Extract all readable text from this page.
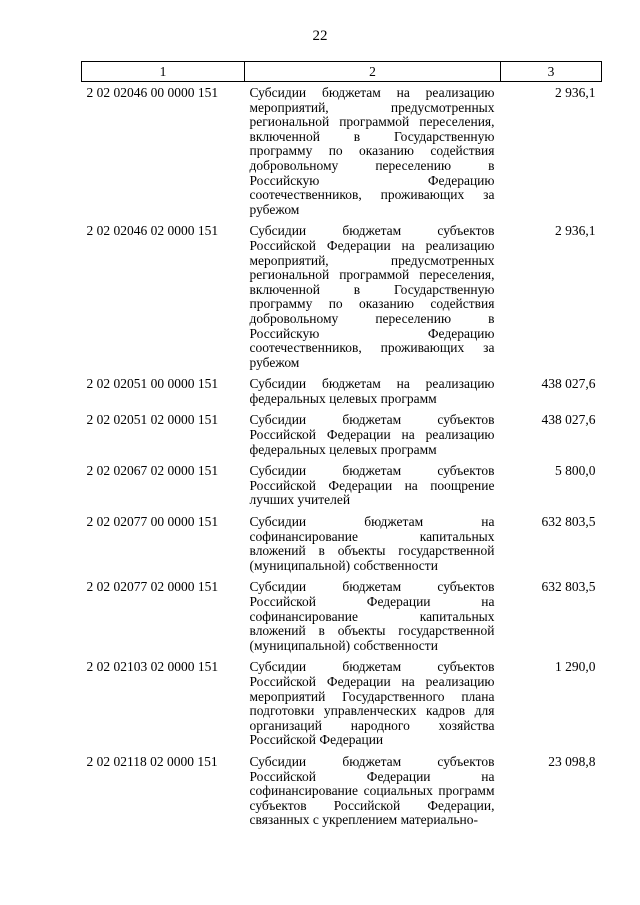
22
1	2	3
2 02 02046 00 0000 151	Субсидии бюджетам на реализацию мероприятий, предусмотренных региональной программой переселения, включенной в Государственную программу по оказанию содействия добровольному переселению в Российскую Федерацию соотечественников, проживающих за рубежом	2 936,1
2 02 02046 02 0000 151	Субсидии бюджетам субъектов Российской Федерации на реализацию мероприятий, предусмотренных региональной программой переселения, включенной в Государственную программу по оказанию содействия добровольному переселению в Российскую Федерацию соотечественников, проживающих за рубежом	2 936,1
2 02 02051 00 0000 151	Субсидии бюджетам на реализацию федеральных целевых программ	438 027,6
2 02 02051 02 0000 151	Субсидии бюджетам субъектов Российской Федерации на реализацию федеральных целевых программ	438 027,6
2 02 02067 02 0000 151	Субсидии бюджетам субъектов Российской Федерации на поощрение лучших учителей	5 800,0
2 02 02077 00 0000 151	Субсидии бюджетам на софинансирование капитальных вложений в объекты государственной (муниципальной) собственности	632 803,5
2 02 02077 02 0000 151	Субсидии бюджетам субъектов Российской Федерации на софинансирование капитальных вложений в объекты государственной (муниципальной) собственности	632 803,5
2 02 02103 02 0000 151	Субсидии бюджетам субъектов Российской Федерации на реализацию мероприятий Государственного плана подготовки управленческих кадров для организаций народного хозяйства Российской Федерации	1 290,0
2 02 02118 02 0000 151	Субсидии бюджетам субъектов Российской Федерации на софинансирование социальных программ субъектов Российской Федерации, связанных с укреплением материально-	23 098,8
